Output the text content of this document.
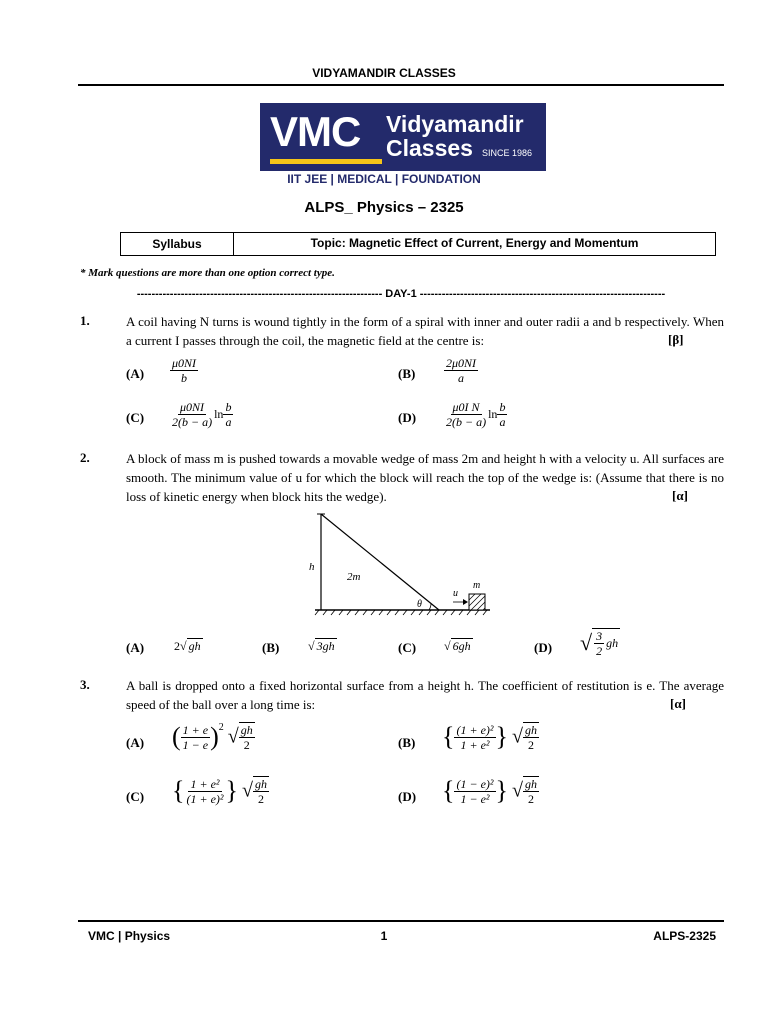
VIDYAMANDIR CLASSES
VMC Vidyamandir
Classes SINCE 1986
IIT JEE | MEDICAL | FOUNDATION
ALPS_ Physics – 2325
Syllabus	Topic: Magnetic Effect of Current, Energy and Momentum
* Mark questions are more than one option correct type.
------------------------------------------------------------------- DAY-1 -------------------------------------------------------------------
1.	A coil having N turns is wound tightly in the form of a spiral with inner and outer radii a and b respectively. When a current I passes through the coil, the magnetic field at the centre is:	[β]
$(A) \frac{\mu 0NI}{b}$	$(B) \frac{2\mu 0NI}{a}$
$(C) \frac{\mu 0NI}{2(b - a)}$ $\ln \frac{b}{a}$	$(D) \frac{\text{μ0I N}}{2(b - a)}$ $\ln \frac{b}{a}$
2.	A block of mass m is pushed towards a movable wedge of mass 2m and height h with a velocity u. All surfaces are smooth. The minimum value of u for which the block will reach the top of the wedge is: (Assume that there is no loss of kinetic energy when block hits the wedge).	[α]
h
2m
θ
u
m
(A) 2√ gh	(B) √ 3gh	(C) √ 6gh	(D) √ $\frac{3}{2}$ gh
3.	A ball is dropped onto a fixed horizontal surface from a height h. The coefficient of restitution is e. The average speed of the ball over a long time is:	[α]
(A) ( $\frac{1 + e}{1 - e} )^2$ √ $\frac{gh}{2}$	(B) { $\frac{\text{(1 + e)²}}{\text{1 + e²}}$ } √ $\frac{gh}{2}$
(C) { $\frac{\text{1 + e²}}{\text{(1 + e)²}}$ } √ $\frac{gh}{2}$	(D) { $\frac{\text{(1 − e)²}}{\text{1 − e²}}$ } √ $\frac{gh}{2}$
VMC | Physics	1	ALPS-2325
